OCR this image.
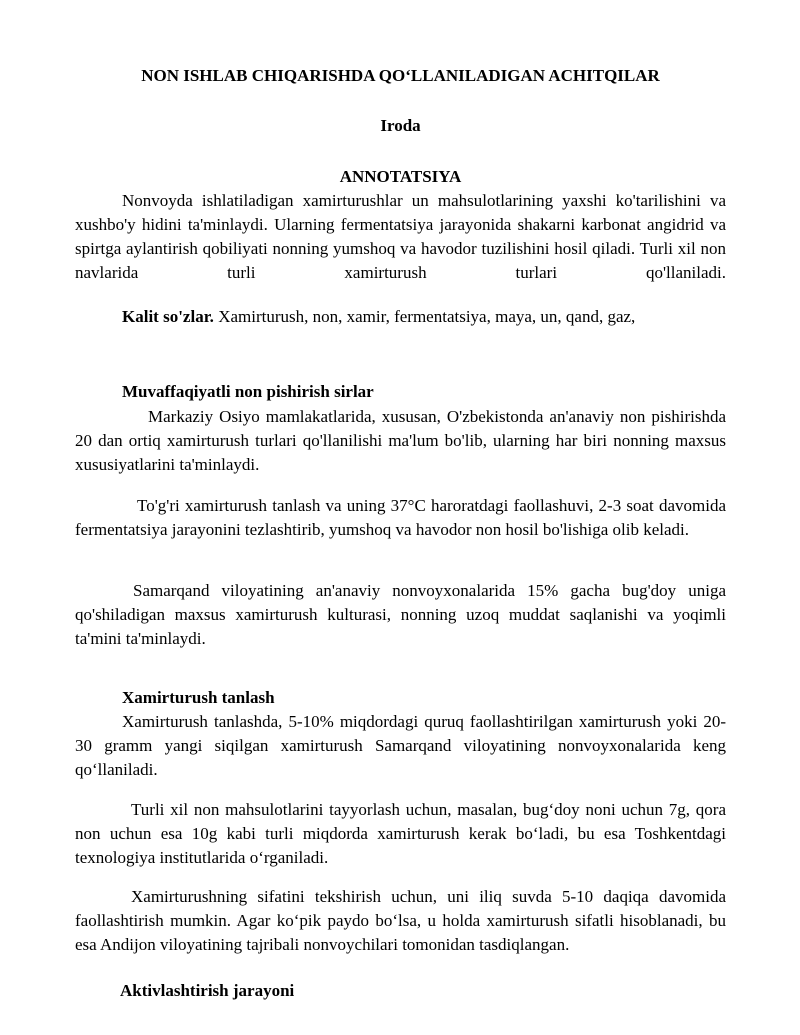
NON ISHLAB CHIQARISHDA QO‘LLANILADIGAN ACHITQILAR
Iroda
ANNOTATSIYA

Nonvoyda ishlatiladigan xamirturushlar un mahsulotlarining yaxshi ko'tarilishini va xushbo'y hidini ta'minlaydi. Ularning fermentatsiya jarayonida shakarni karbonat angidrid va spirtga aylantirish qobiliyati nonning yumshoq va havodor tuzilishini hosil qiladi. Turli xil non navlarida turli xamirturush turlari qo'llaniladi.

Kalit so'zlar. Xamirturush, non, xamir, fermentatsiya, maya, un, qand, gaz,

Muvaffaqiyatli non pishirish sirlar

Markaziy Osiyo mamlakatlarida, xususan, O'zbekistonda an'anaviy non pishirishda 20 dan ortiq xamirturush turlari qo'llanilishi ma'lum bo'lib, ularning har biri nonning maxsus xususiyatlarini ta'minlaydi.

To'g'ri xamirturush tanlash va uning 37°C haroratdagi faollashuvi, 2-3 soat davomida fermentatsiya jarayonini tezlashtirib, yumshoq va havodor non hosil bo'lishiga olib keladi.

Samarqand viloyatining an'anaviy nonvoyxonalarida 15% gacha bug'doy uniga qo'shiladigan maxsus xamirturush kulturasi, nonning uzoq muddat saqlanishi va yoqimli ta'mini ta'minlaydi.

Xamirturush tanlash

Xamirturush tanlashda, 5-10% miqdordagi quruq faollashtirilgan xamirturush yoki 20-30 gramm yangi siqilgan xamirturush Samarqand viloyatining nonvoyxonalarida keng qo‘llaniladi.

Turli xil non mahsulotlarini tayyorlash uchun, masalan, bug‘doy noni uchun 7g, qora non uchun esa 10g kabi turli miqdorda xamirturush kerak bo‘ladi, bu esa Toshkentdagi texnologiya institutlarida o‘rganiladi.

Xamirturushning sifatini tekshirish uchun, uni iliq suvda 5-10 daqiqa davomida faollashtirish mumkin. Agar ko‘pik paydo bo‘lsa, u holda xamirturush sifatli hisoblanadi, bu esa Andijon viloyatining tajribali nonvoychilari tomonidan tasdiqlangan.

Aktivlashtirish jarayoni
